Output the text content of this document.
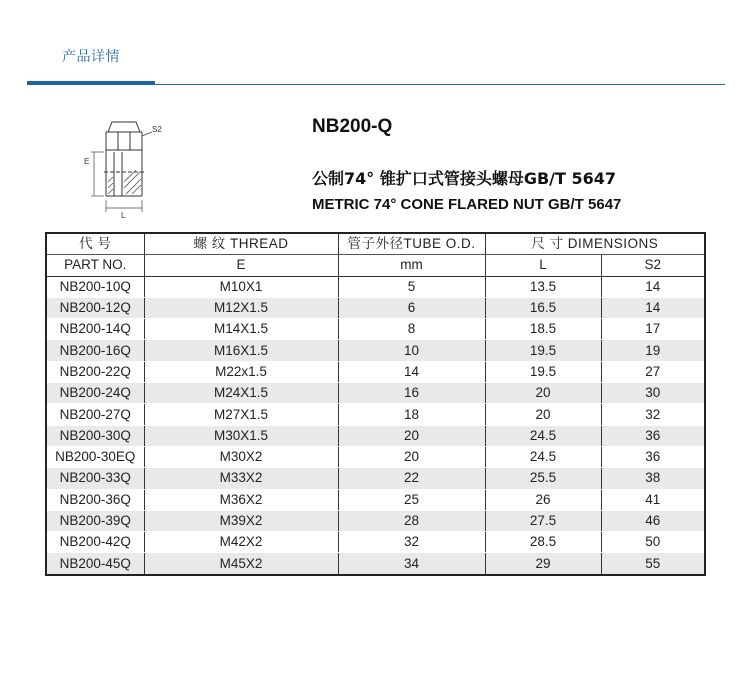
产品详情
S2
E
L
NB200-Q
公制74° 锥扩口式管接头螺母GB/T 5647
METRIC 74° CONE FLARED NUT GB/T 5647
代 号	螺 纹 THREAD	管子外径TUBE O.D.	尺 寸 DIMENSIONS	
PART NO.	E	mm	L	S2
NB200-10Q	M10X1	5	13.5	14
NB200-12Q	M12X1.5	6	16.5	14
NB200-14Q	M14X1.5	8	18.5	17
NB200-16Q	M16X1.5	10	19.5	19
NB200-22Q	M22x1.5	14	19.5	27
NB200-24Q	M24X1.5	16	20	30
NB200-27Q	M27X1.5	18	20	32
NB200-30Q	M30X1.5	20	24.5	36
NB200-30EQ	M30X2	20	24.5	36
NB200-33Q	M33X2	22	25.5	38
NB200-36Q	M36X2	25	26	41
NB200-39Q	M39X2	28	27.5	46
NB200-42Q	M42X2	32	28.5	50
NB200-45Q	M45X2	34	29	55
